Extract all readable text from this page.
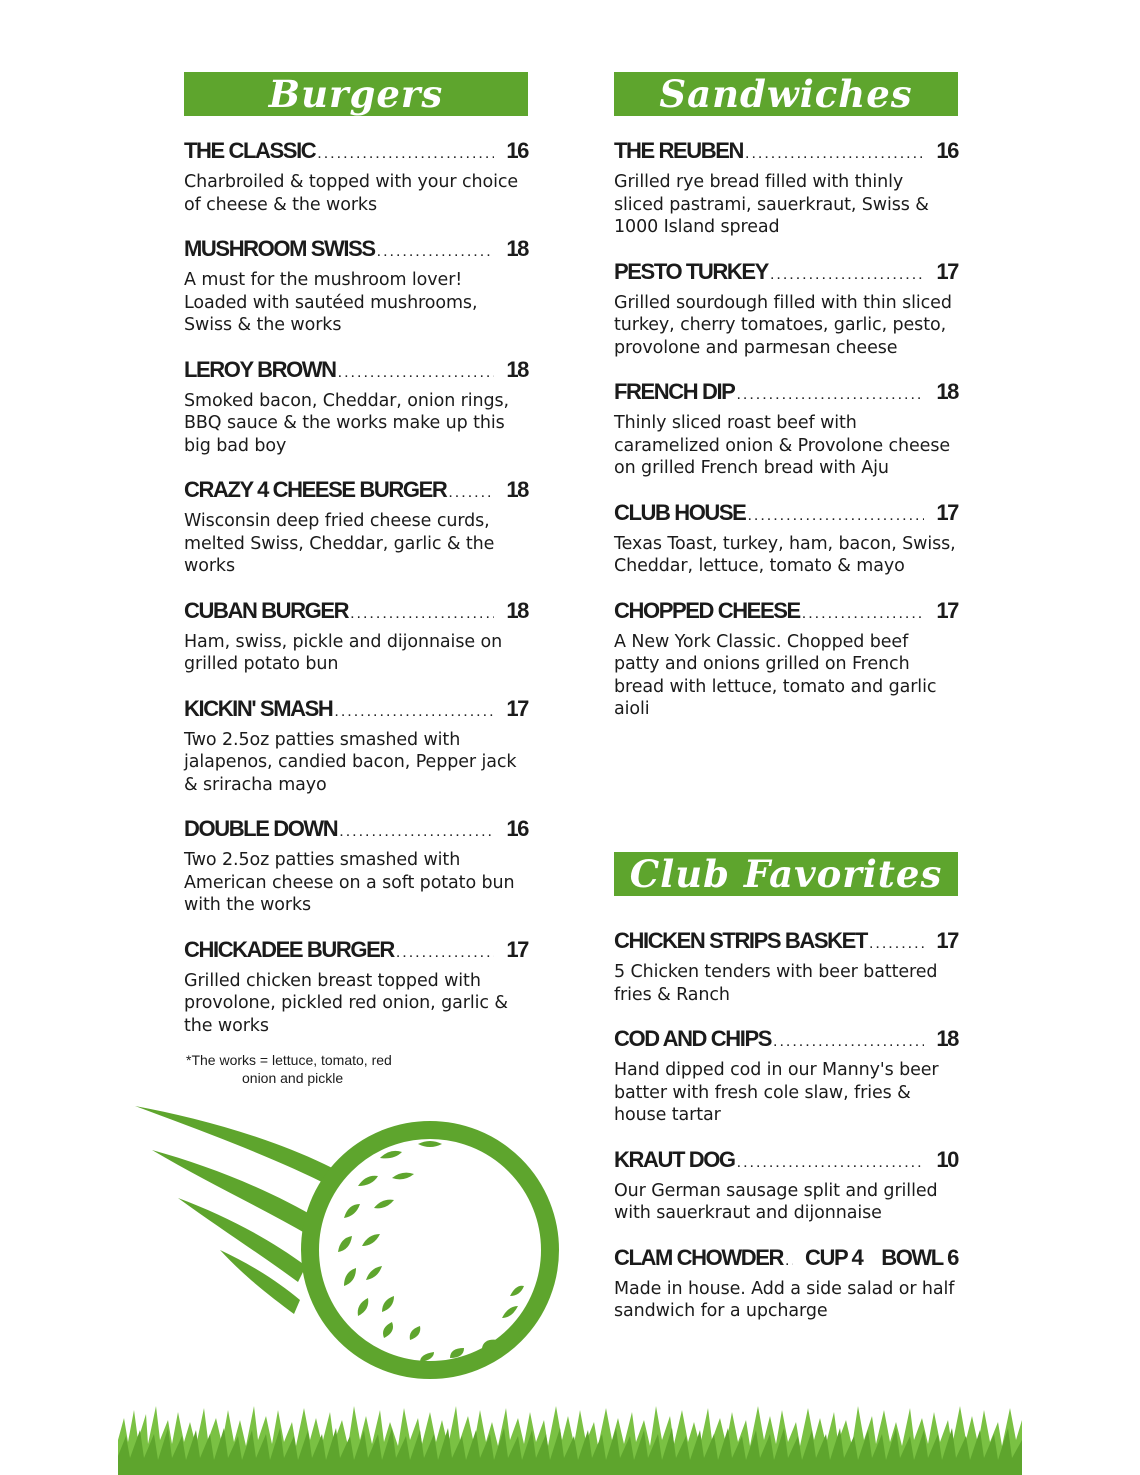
Burgers
THE CLASSIC .....	16
Charbroiled & topped with your choice of cheese & the works
MUSHROOM SWISS .....	18
A must for the mushroom lover! Loaded with sautéed mushrooms, Swiss & the works
LEROY BROWN .....	18
Smoked bacon, Cheddar, onion rings, BBQ sauce & the works make up this big bad boy
CRAZY 4 CHEESE BURGER .....	18
Wisconsin deep fried cheese curds, melted Swiss, Cheddar, garlic & the works
CUBAN BURGER .....	18
Ham, swiss, pickle and dijonnaise on grilled potato bun
KICKIN' SMASH .....	17
Two 2.5oz patties smashed with jalapenos, candied bacon, Pepper jack & sriracha mayo
DOUBLE DOWN .....	16
Two 2.5oz patties smashed with American cheese on a soft potato bun with the works
CHICKADEE BURGER .....	17
Grilled chicken breast topped with provolone, pickled red onion, garlic & the works
*The works = lettuce, tomato, red
onion and pickle
Sandwiches
THE REUBEN .....	16
Grilled rye bread filled with thinly sliced pastrami, sauerkraut, Swiss & 1000 Island spread
PESTO TURKEY .....	17
Grilled sourdough filled with thin sliced turkey, cherry tomatoes, garlic, pesto, provolone and parmesan cheese
FRENCH DIP .....	18
Thinly sliced roast beef with caramelized onion & Provolone cheese on grilled French bread with Aju
CLUB HOUSE .....	17
Texas Toast, turkey, ham, bacon, Swiss, Cheddar, lettuce, tomato & mayo
CHOPPED CHEESE .....	17
A New York Classic. Chopped beef patty and onions grilled on French bread with lettuce, tomato and garlic aioli
Club Favorites
CHICKEN STRIPS BASKET .....	17
5 Chicken tenders with beer battered fries & Ranch
COD AND CHIPS .....	18
Hand dipped cod in our Manny's beer batter with fresh cole slaw, fries & house tartar
KRAUT DOG .....	10
Our German sausage split and grilled with sauerkraut and dijonnaise
CLAM CHOWDER ..... CUP 4    BOWL 6
Made in house. Add a side salad or half sandwich for a upcharge
